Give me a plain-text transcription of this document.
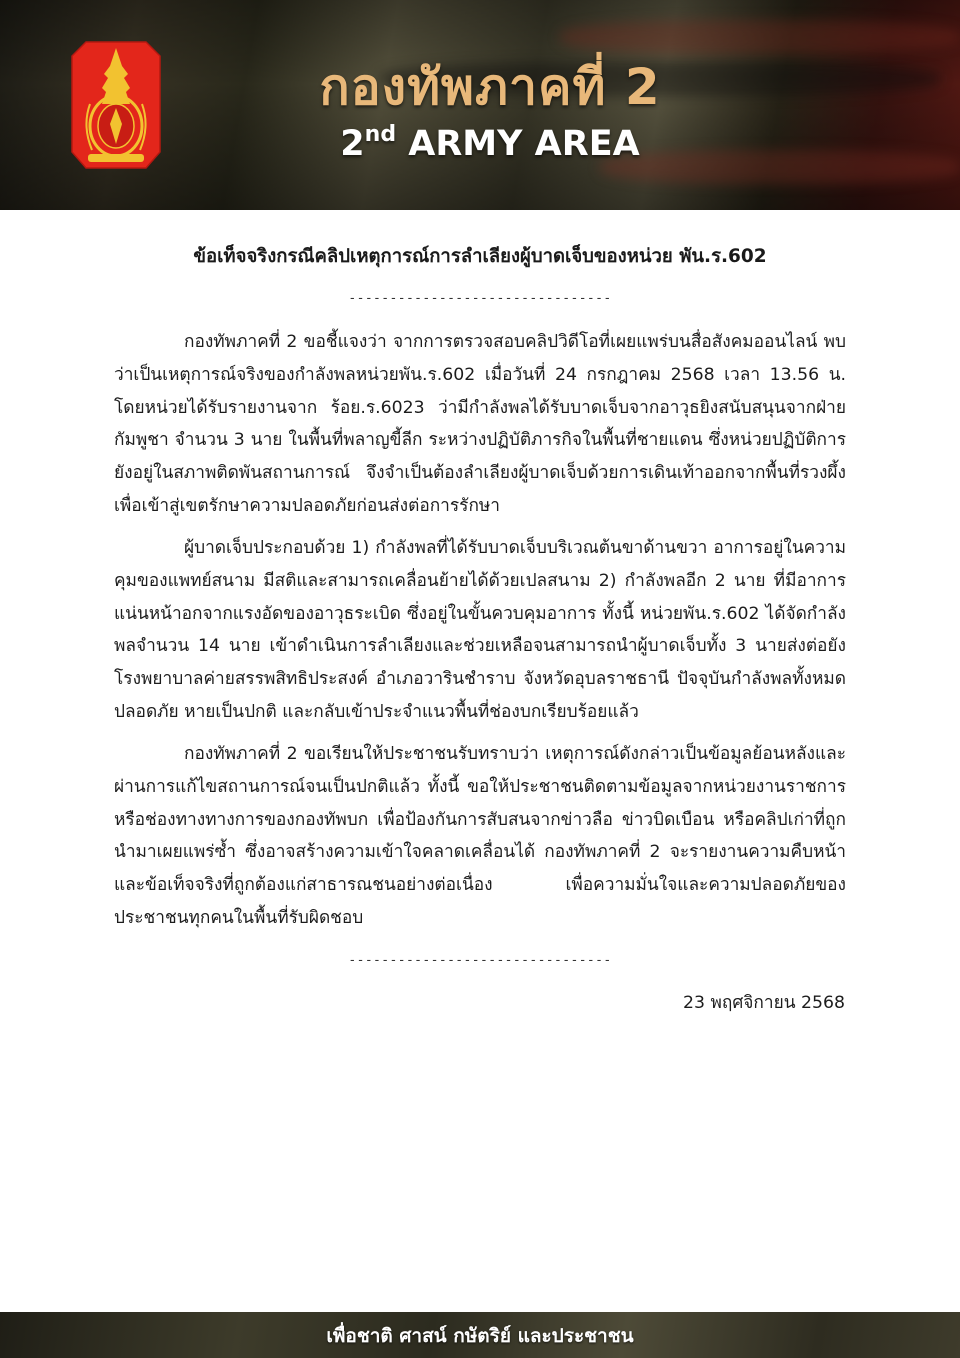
กองทัพภาคที่ 2
2nd ARMY AREA
ข้อเท็จจริงกรณีคลิปเหตุการณ์การลำเลียงผู้บาดเจ็บของหน่วย พัน.ร.602
--------------------------------

กองทัพภาคที่ 2 ขอชี้แจงว่า จากการตรวจสอบคลิปวิดีโอที่เผยแพร่บนสื่อสังคมออนไลน์ พบว่าเป็นเหตุการณ์จริงของกำลังพลหน่วยพัน.ร.602 เมื่อวันที่ 24 กรกฎาคม 2568 เวลา 13.56 น. โดยหน่วยได้รับรายงานจาก ร้อย.ร.6023 ว่ามีกำลังพลได้รับบาดเจ็บจากอาวุธยิงสนับสนุนจากฝ่ายกัมพูชา จำนวน 3 นาย ในพื้นที่พลาญขี้ลีก ระหว่างปฏิบัติภารกิจในพื้นที่ชายแดน ซึ่งหน่วยปฏิบัติการยังอยู่ในสภาพติดพันสถานการณ์ จึงจำเป็นต้องลำเลียงผู้บาดเจ็บด้วยการเดินเท้าออกจากพื้นที่รวงผึ้งเพื่อเข้าสู่เขตรักษาความปลอดภัยก่อนส่งต่อการรักษา

ผู้บาดเจ็บประกอบด้วย 1) กำลังพลที่ได้รับบาดเจ็บบริเวณต้นขาด้านขวา อาการอยู่ในความคุมของแพทย์สนาม มีสติและสามารถเคลื่อนย้ายได้ด้วยเปลสนาม 2) กำลังพลอีก 2 นาย ที่มีอาการแน่นหน้าอกจากแรงอัดของอาวุธระเบิด ซึ่งอยู่ในขั้นควบคุมอาการ ทั้งนี้ หน่วยพัน.ร.602 ได้จัดกำลังพลจำนวน 14 นาย เข้าดำเนินการลำเลียงและช่วยเหลือจนสามารถนำผู้บาดเจ็บทั้ง 3 นายส่งต่อยังโรงพยาบาลค่ายสรรพสิทธิประสงค์ อำเภอวารินชำราบ จังหวัดอุบลราชธานี ปัจจุบันกำลังพลทั้งหมดปลอดภัย หายเป็นปกติ และกลับเข้าประจำแนวพื้นที่ช่องบกเรียบร้อยแล้ว

กองทัพภาคที่ 2 ขอเรียนให้ประชาชนรับทราบว่า เหตุการณ์ดังกล่าวเป็นข้อมูลย้อนหลังและผ่านการแก้ไขสถานการณ์จนเป็นปกติแล้ว ทั้งนี้ ขอให้ประชาชนติดตามข้อมูลจากหน่วยงานราชการหรือช่องทางทางการของกองทัพบก เพื่อป้องกันการสับสนจากข่าวลือ ข่าวบิดเบือน หรือคลิปเก่าที่ถูกนำมาเผยแพร่ซ้ำ ซึ่งอาจสร้างความเข้าใจคลาดเคลื่อนได้ กองทัพภาคที่ 2 จะรายงานความคืบหน้า และข้อเท็จจริงที่ถูกต้องแก่สาธารณชนอย่างต่อเนื่อง เพื่อความมั่นใจและความปลอดภัยของประชาชนทุกคนในพื้นที่รับผิดชอบ

--------------------------------
23 พฤศจิกายน 2568
เพื่อชาติ ศาสน์ กษัตริย์ และประชาชน
